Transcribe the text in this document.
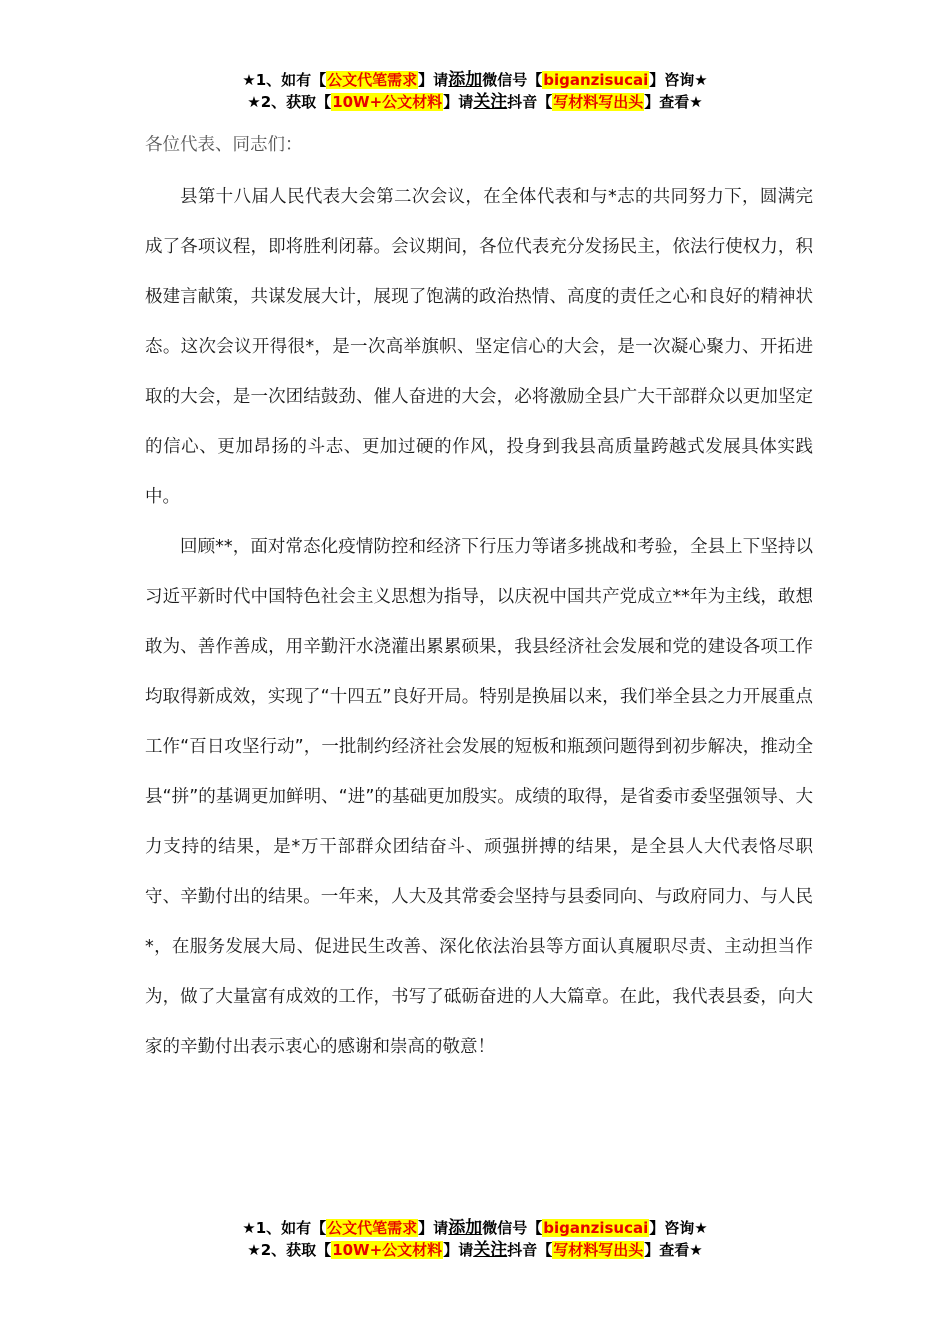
★1、如有【公文代笔需求】请添加微信号【biganzisucai】咨询★
★2、获取【10W+公文材料】请关注抖音【写材料写出头】查看★

各位代表、同志们：

县第十八届人民代表大会第二次会议，在全体代表和与*志的共同努力下，圆满完成了各项议程，即将胜利闭幕。会议期间，各位代表充分发扬民主，依法行使权力，积极建言献策，共谋发展大计，展现了饱满的政治热情、高度的责任之心和良好的精神状态。这次会议开得很*，是一次高举旗帜、坚定信心的大会，是一次凝心聚力、开拓进取的大会，是一次团结鼓劲、催人奋进的大会，必将激励全县广大干部群众以更加坚定的信心、更加昂扬的斗志、更加过硬的作风，投身到我县高质量跨越式发展具体实践中。

回顾**，面对常态化疫情防控和经济下行压力等诸多挑战和考验，全县上下坚持以习近平新时代中国特色社会主义思想为指导，以庆祝中国共产党成立**年为主线，敢想敢为、善作善成，用辛勤汗水浇灌出累累硕果，我县经济社会发展和党的建设各项工作均取得新成效，实现了“十四五”良好开局。特别是换届以来，我们举全县之力开展重点工作“百日攻坚行动”，一批制约经济社会发展的短板和瓶颈问题得到初步解决，推动全县“拼”的基调更加鲜明、“进”的基础更加殷实。成绩的取得，是省委市委坚强领导、大力支持的结果，是*万干部群众团结奋斗、顽强拼搏的结果，是全县人大代表恪尽职守、辛勤付出的结果。一年来，人大及其常委会坚持与县委同向、与政府同力、与人民*，在服务发展大局、促进民生改善、深化依法治县等方面认真履职尽责、主动担当作为，做了大量富有成效的工作，书写了砥砺奋进的人大篇章。在此，我代表县委，向大家的辛勤付出表示衷心的感谢和崇高的敬意！

★1、如有【公文代笔需求】请添加微信号【biganzisucai】咨询★
★2、获取【10W+公文材料】请关注抖音【写材料写出头】查看★
